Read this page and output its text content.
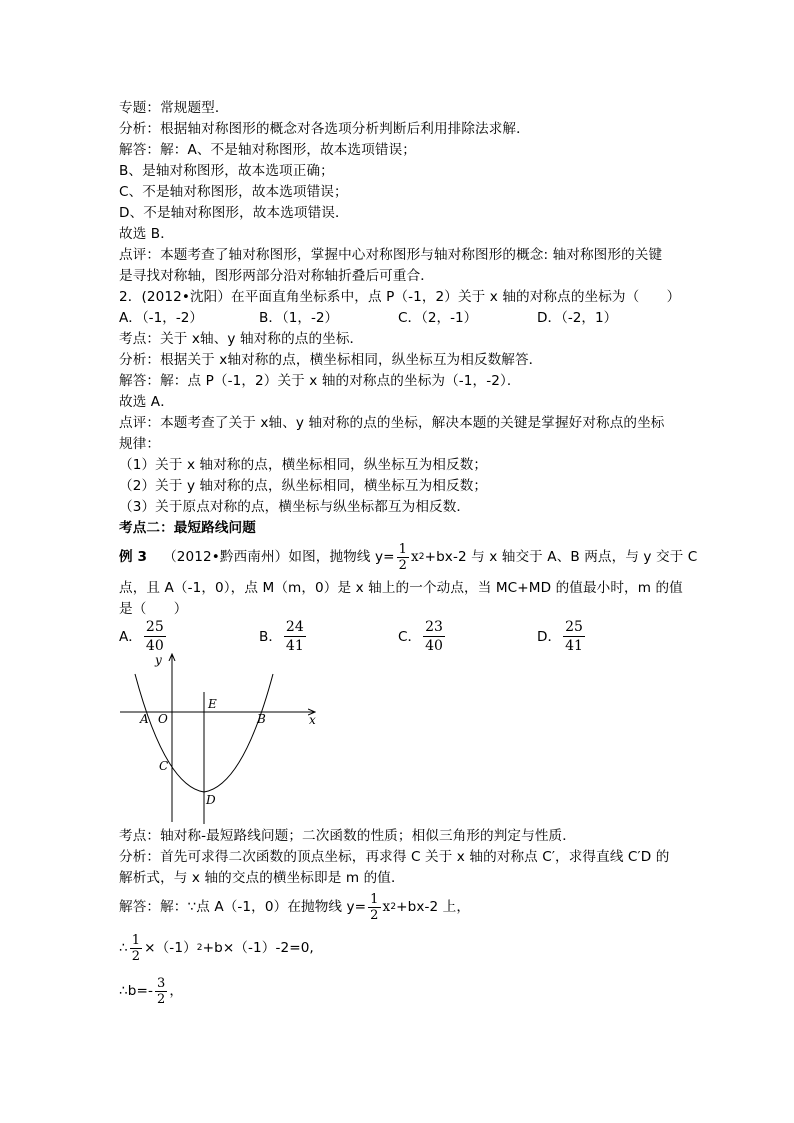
专题：常规题型．
分析：根据轴对称图形的概念对各选项分析判断后利用排除法求解．
解答：解：A、不是轴对称图形，故本选项错误；
B、是轴对称图形，故本选项正确；
C、不是轴对称图形，故本选项错误；
D、不是轴对称图形，故本选项错误．
故选 B．
点评：本题考查了轴对称图形，掌握中心对称图形与轴对称图形的概念: 轴对称图形的关键
是寻找对称轴，图形两部分沿对称轴折叠后可重合．
2．(2012•沈阳）在平面直角坐标系中，点 P（-1，2）关于 x 轴的对称点的坐标为（　　）
A．（-1，-2）	B．（1，-2）	C．（2，-1）	D．（-2，1）
考点：关于 x轴、y 轴对称的点的坐标．
分析：根据关于 x轴对称的点，横坐标相同，纵坐标互为相反数解答．
解答：解：点 P（-1，2）关于 x 轴的对称点的坐标为（-1，-2）．
故选 A．
点评：本题考查了关于 x轴、y 轴对称的点的坐标，解决本题的关键是掌握好对称点的坐标
规律：
（1）关于 x 轴对称的点，横坐标相同，纵坐标互为相反数；
（2）关于 y 轴对称的点，纵坐标相同，横坐标互为相反数；
（3）关于原点对称的点，横坐标与纵坐标都互为相反数．
考点二：最短路线问题
例 3 （2012•黔西南州）如图，抛物线 $y= \frac{1}{2}$ x 2 +bx-2 与 x 轴交于 A、B 两点，与 y 交于 C
点，且 A（-1，0），点 M（m，0）是 x 轴上的一个动点，当 MC+MD 的值最小时，m 的值
是（　　）
A． $\frac{25}{40}$	B． $\frac{24}{41}$	C． $\frac{23}{40}$	D． $\frac{25}{41}$
y
x
A O
E
B
C
D
考点：轴对称-最短路线问题；二次函数的性质；相似三角形的判定与性质．
分析：首先可求得二次函数的顶点坐标，再求得 C 关于 x 轴的对称点 C′，求得直线 C′D 的
解析式，与 x 轴的交点的横坐标即是 m 的值．
解答：解：∵点 A（-1，0）在抛物线 $y= \frac{1}{2}$ x 2 +bx-2 上，
∴ $\frac{1}{2} \times(-1)$ 2 +b×（-1）-2=0,
∴b=- $\frac{3}{2}$ ，
